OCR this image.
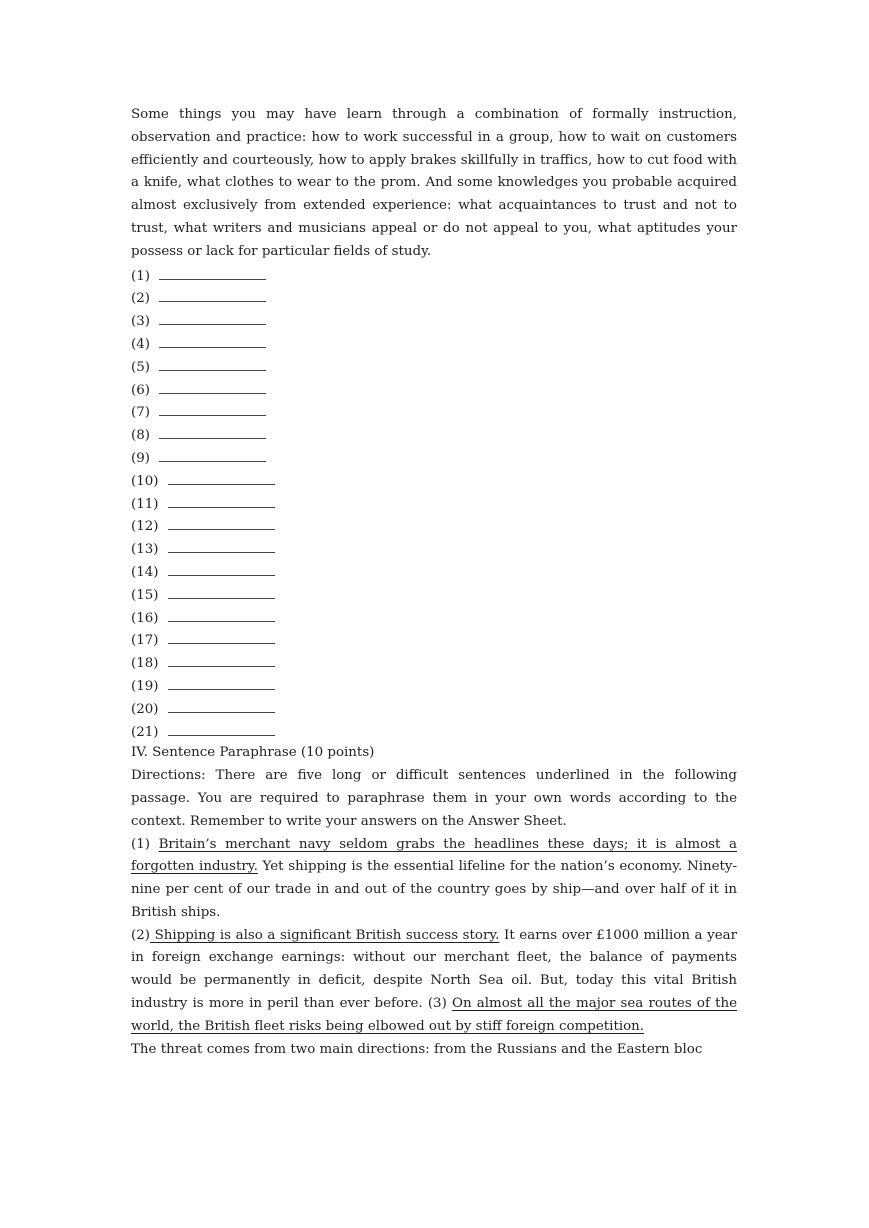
Some things you may have learn through a combination of formally instruction, observation and practice: how to work successful in a group, how to wait on customers efficiently and courteously, how to apply brakes skillfully in traffics, how to cut food with a knife, what clothes to wear to the prom. And some knowledges you probable acquired almost exclusively from extended experience: what acquaintances to trust and not to trust, what writers and musicians appeal or do not appeal to you, what aptitudes your possess or lack for particular fields of study.

(1)
(2)
(3)
(4)
(5)
(6)
(7)
(8)
(9)
(10)
(11)
(12)
(13)
(14)
(15)
(16)
(17)
(18)
(19)
(20)
(21)

IV. Sentence Paraphrase (10 points)

Directions: There are five long or difficult sentences underlined in the following passage. You are required to paraphrase them in your own words according to the context. Remember to write your answers on the Answer Sheet.

(1) Britain’s merchant navy seldom grabs the headlines these days; it is almost a forgotten industry. Yet shipping is the essential lifeline for the nation’s economy. Ninety-nine per cent of our trade in and out of the country goes by ship—and over half of it in British ships.

(2) Shipping is also a significant British success story. It earns over £1000 million a year in foreign exchange earnings: without our merchant fleet, the balance of payments would be permanently in deficit, despite North Sea oil. But, today this vital British industry is more in peril than ever before. (3) On almost all the major sea routes of the world, the British fleet risks being elbowed out by stiff foreign competition.

The threat comes from two main directions: from the Russians and the Eastern bloc
